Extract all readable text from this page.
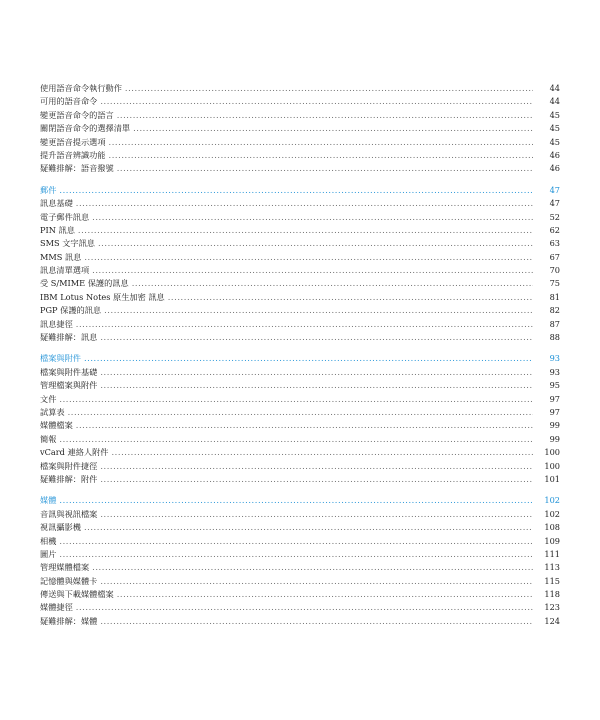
使用語音命令執行動作 .....	44
可用的語音命令 .....	44
變更語音命令的語言 .....	45
關閉語音命令的選擇清單 .....	45
變更語音提示選項 .....	45
提升語音辨識功能 .....	46
疑難排解：語音撥號 .....	46
郵件 .....	47
訊息基礎 .....	47
電子郵件訊息 .....	52
PIN 訊息 .....	62
SMS 文字訊息 .....	63
MMS 訊息 .....	67
訊息清單選項 .....	70
受 S/MIME 保護的訊息 .....	75
IBM Lotus Notes 原生加密 訊息 .....	81
PGP 保護的訊息 .....	82
訊息捷徑 .....	87
疑難排解：訊息 .....	88
檔案與附件 .....	93
檔案與附件基礎 .....	93
管理檔案與附件 .....	95
文件 .....	97
試算表 .....	97
媒體檔案 .....	99
簡報 .....	99
vCard 連絡人附件 .....	100
檔案與附件捷徑 .....	100
疑難排解：附件 .....	101
媒體 .....	102
音訊與視訊檔案 .....	102
視訊攝影機 .....	108
相機 .....	109
圖片 .....	111
管理媒體檔案 .....	113
記憶體與媒體卡 .....	115
傳送與下載媒體檔案 .....	118
媒體捷徑 .....	123
疑難排解：媒體 .....	124
